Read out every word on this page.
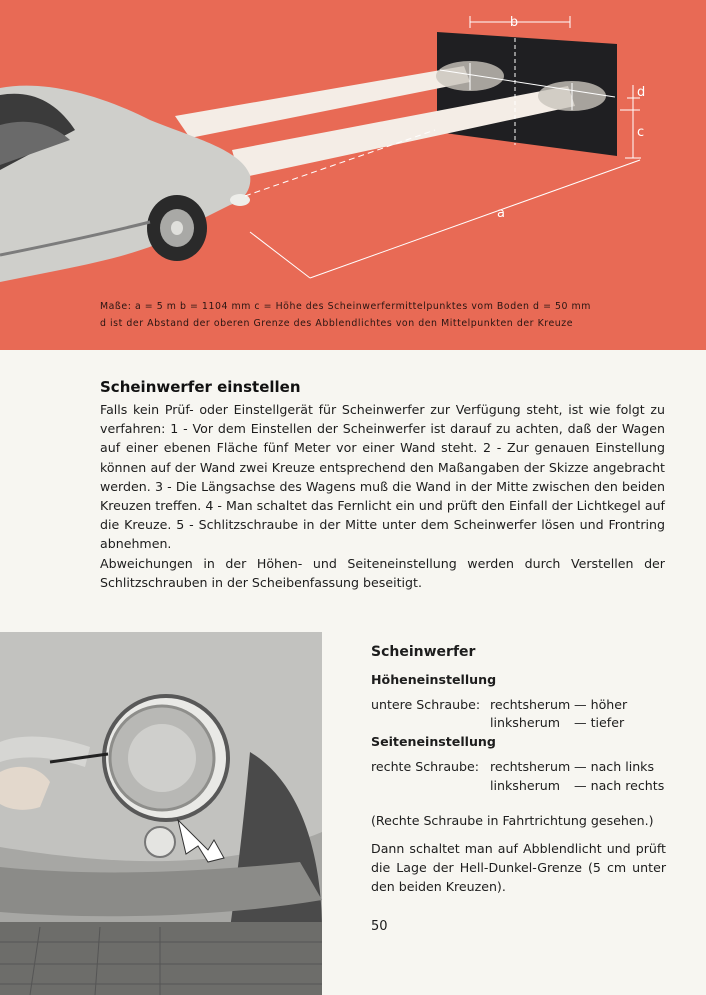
b
d
c
a
Maße: a = 5 m b = 1104 mm c = Höhe des Scheinwerfermittelpunktes vom Boden d = 50 mm
d ist der Abstand der oberen Grenze des Abblendlichtes von den Mittelpunkten der Kreuze
Scheinwerfer einstellen

Falls kein Prüf- oder Einstellgerät für Scheinwerfer zur Verfügung steht, ist wie folgt zu verfahren: 1 - Vor dem Einstellen der Scheinwerfer ist darauf zu achten, daß der Wagen auf einer ebenen Fläche fünf Meter vor einer Wand steht. 2 - Zur genauen Einstellung können auf der Wand zwei Kreuze entsprechend den Maßangaben der Skizze angebracht werden. 3 - Die Längsachse des Wagens muß die Wand in der Mitte zwischen den beiden Kreuzen treffen. 4 - Man schaltet das Fernlicht ein und prüft den Einfall der Lichtkegel auf die Kreuze. 5 - Schlitzschraube in der Mitte unter dem Scheinwerfer lösen und Frontring abnehmen.

Abweichungen in der Höhen- und Seiteneinstellung werden durch Verstellen der Schlitzschrauben in der Scheibenfassung beseitigt.

Scheinwerfer
Höheneinstellung
untere Schraube: rechtsherum — höher
linksherum	— tiefer
Seiteneinstellung
rechte Schraube: rechtsherum — nach links
linksherum	— nach rechts
(Rechte Schraube in Fahrtrichtung gesehen.)
Dann schaltet man auf Abblendlicht und prüft die Lage der Hell-Dunkel-Grenze (5 cm unter den beiden Kreuzen).
50
